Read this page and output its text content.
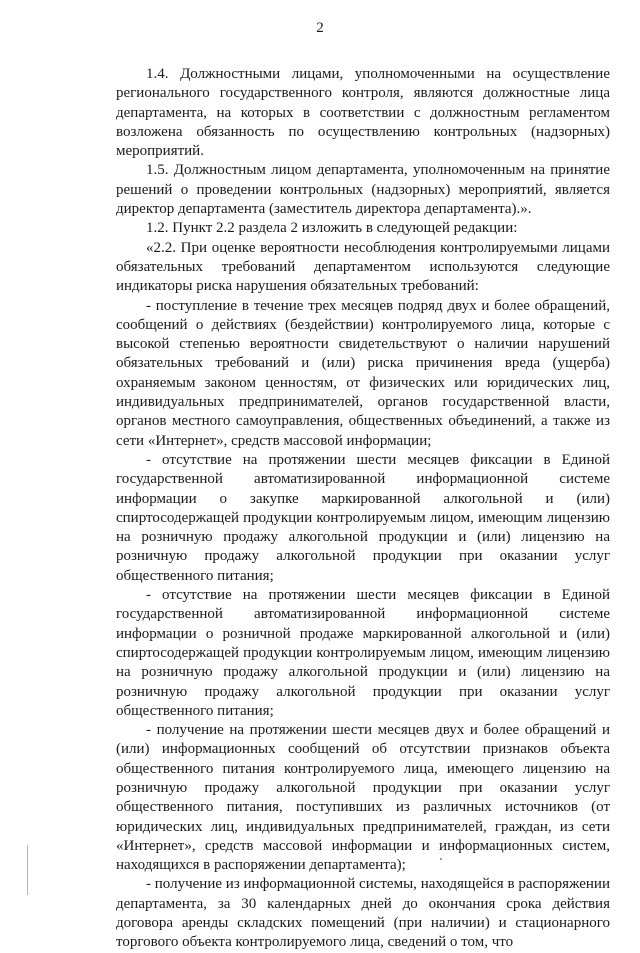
2

1.4. Должностными лицами, уполномоченными на осуществление регионального государственного контроля, являются должностные лица департамента, на которых в соответствии с должностным регламентом возложена обязанность по осуществлению контрольных (надзорных) мероприятий.

1.5. Должностным лицом департамента, уполномоченным на принятие решений о проведении контрольных (надзорных) мероприятий, является директор департамента (заместитель директора департамента).».

1.2. Пункт 2.2 раздела 2 изложить в следующей редакции:

«2.2. При оценке вероятности несоблюдения контролируемыми лицами обязательных требований департаментом используются следующие индикаторы риска нарушения обязательных требований:

- поступление в течение трех месяцев подряд двух и более обращений, сообщений о действиях (бездействии) контролируемого лица, которые с высокой степенью вероятности свидетельствуют о наличии нарушений обязательных требований и (или) риска причинения вреда (ущерба) охраняемым законом ценностям, от физических или юридических лиц, индивидуальных предпринимателей, органов государственной власти, органов местного самоуправления, общественных объединений, а также из сети «Интернет», средств массовой информации;

- отсутствие на протяжении шести месяцев фиксации в Единой государственной автоматизированной информационной системе информации о закупке маркированной алкогольной и (или) спиртосодержащей продукции контролируемым лицом, имеющим лицензию на розничную продажу алкогольной продукции и (или) лицензию на розничную продажу алкогольной продукции при оказании услуг общественного питания;

- отсутствие на протяжении шести месяцев фиксации в Единой государственной автоматизированной информационной системе информации о розничной продаже маркированной алкогольной и (или) спиртосодержащей продукции контролируемым лицом, имеющим лицензию на розничную продажу алкогольной продукции и (или) лицензию на розничную продажу алкогольной продукции при оказании услуг общественного питания;

- получение на протяжении шести месяцев двух и более обращений и (или) информационных сообщений об отсутствии признаков объекта общественного питания контролируемого лица, имеющего лицензию на розничную продажу алкогольной продукции при оказании услуг общественного питания, поступивших из различных источников (от юридических лиц, индивидуальных предпринимателей, граждан, из сети «Интернет», средств массовой информации и информационных систем, находящихся в распоряжении департамента);

- получение из информационной системы, находящейся в распоряжении департамента, за 30 календарных дней до окончания срока действия договора аренды складских помещений (при наличии) и стационарного торгового объекта контролируемого лица, сведений о том, что
